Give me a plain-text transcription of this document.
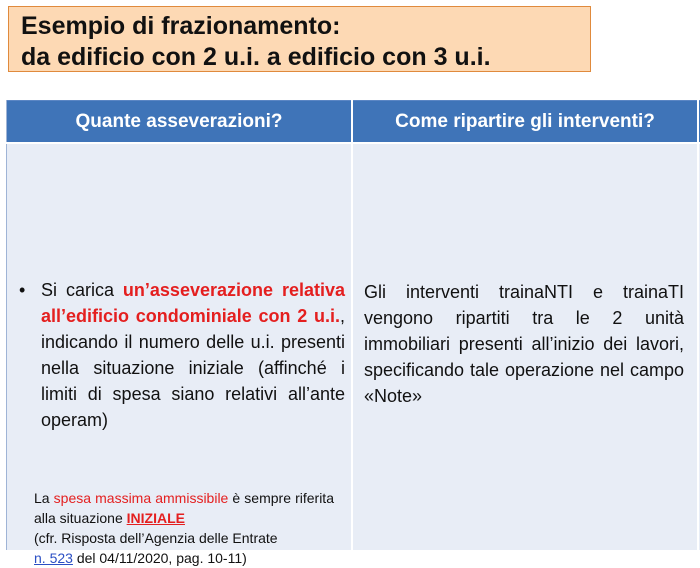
Esempio di frazionamento:
da edificio con 2 u.i. a edificio con 3 u.i.
Quante asseverazioni?	Come ripartire gli interventi?
• Si carica un’asseverazione relativa all’edificio condominiale con 2 u.i., indicando il numero delle u.i. presenti nella situazione iniziale (affinché i limiti di spesa siano relativi all’ante operam)
La spesa massima ammissibile è sempre riferita alla situazione INIZIALE
(cfr. Risposta dell’Agenzia delle Entrate
n. 523 del 04/11/2020, pag. 10-11)
Gli interventi trainaNTI e trainaTI vengono ripartiti tra le 2 unità immobiliari presenti all’inizio dei lavori, specificando tale operazione nel campo «Note»
